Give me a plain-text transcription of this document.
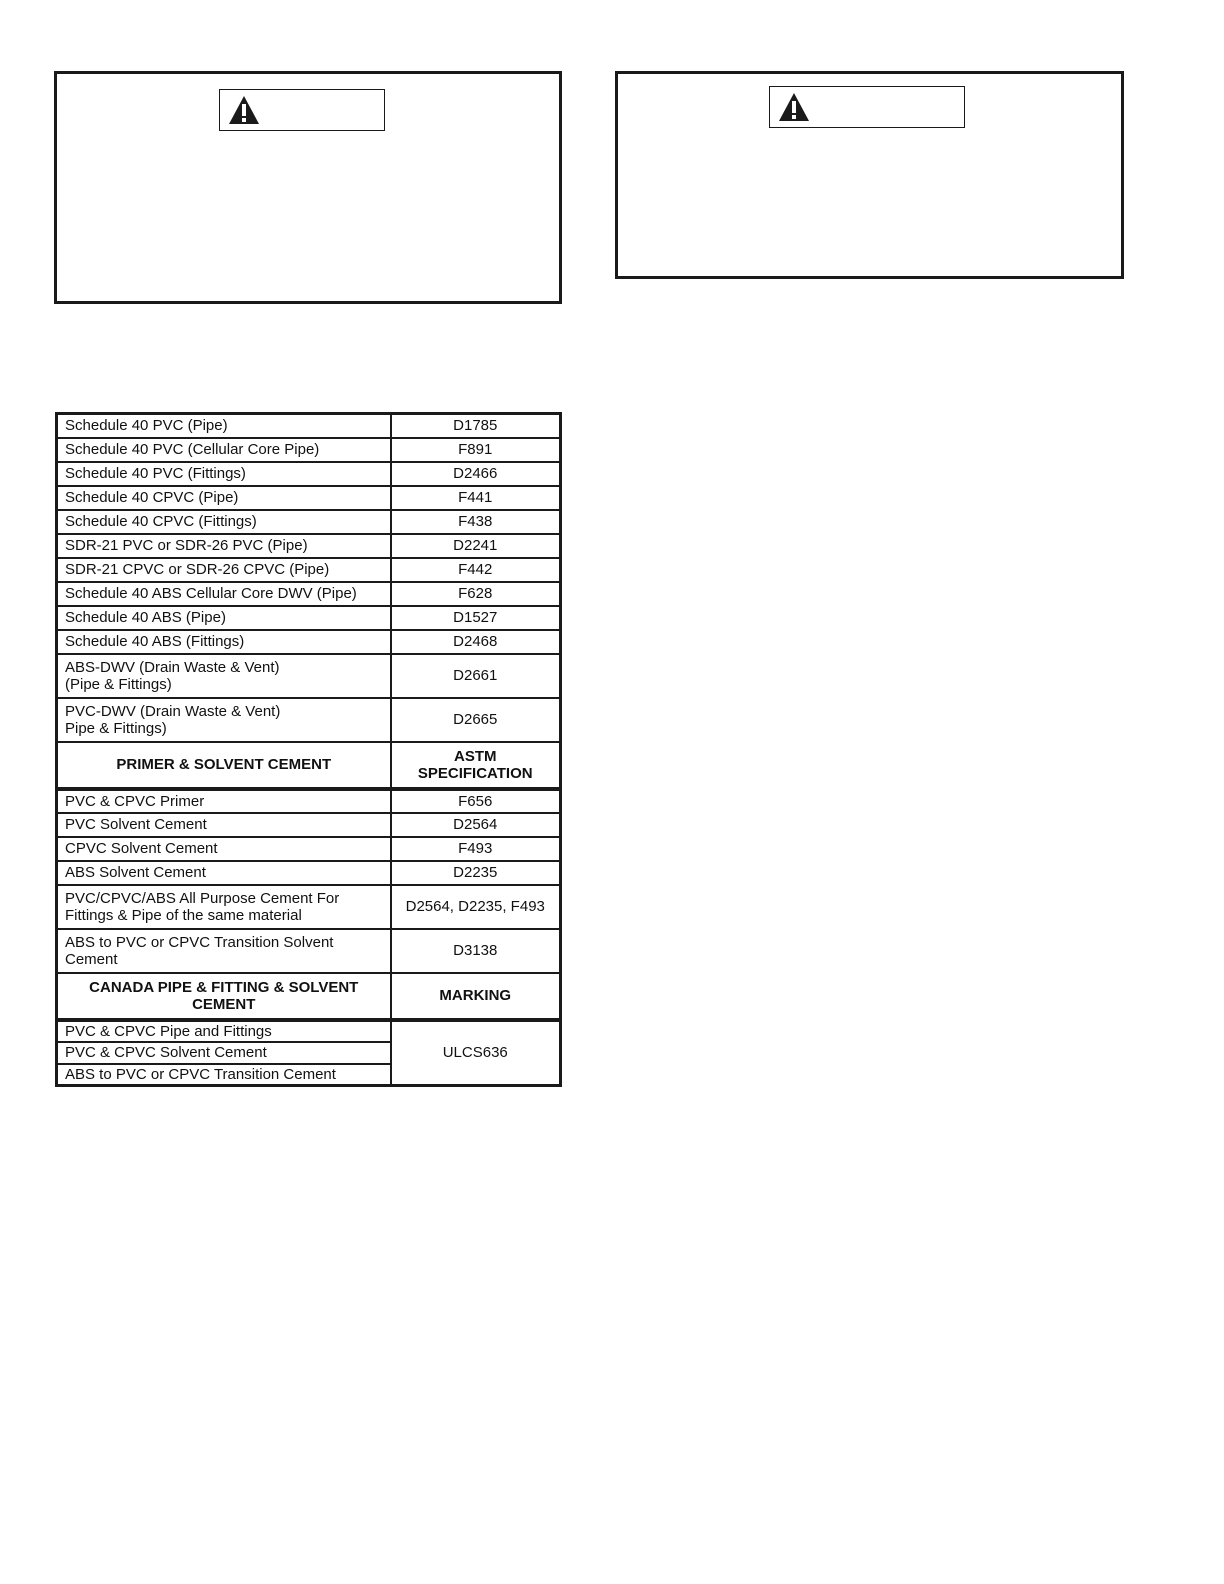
Schedule 40 PVC (Pipe)	D1785
Schedule 40 PVC (Cellular Core Pipe)	F891
Schedule 40 PVC (Fittings)	D2466
Schedule 40 CPVC (Pipe)	F441
Schedule 40 CPVC (Fittings)	F438
SDR-21 PVC or SDR-26 PVC (Pipe)	D2241
SDR-21 CPVC or SDR-26 CPVC (Pipe)	F442
Schedule 40 ABS Cellular Core DWV (Pipe)	F628
Schedule 40 ABS (Pipe)	D1527
Schedule 40 ABS (Fittings)	D2468

ABS-DWV (Drain Waste & Vent)
(Pipe & Fittings)	D2661

PVC-DWV (Drain Waste & Vent)
Pipe & Fittings)	D2665
PRIMER & SOLVENT CEMENT	ASTM
SPECIFICATION

PVC & CPVC Primer	F656
PVC Solvent Cement	D2564
CPVC Solvent Cement	F493
ABS Solvent Cement	D2235

PVC/CPVC/ABS All Purpose Cement For
Fittings & Pipe of the same material	D2564, D2235, F493

ABS to PVC or CPVC Transition Solvent
Cement	D3138

CANADA PIPE & FITTING & SOLVENT
CEMENT	MARKING
PVC & CPVC Pipe and Fittings	ULCS636
PVC & CPVC Solvent Cement	
ABS to PVC or CPVC Transition Cement	
